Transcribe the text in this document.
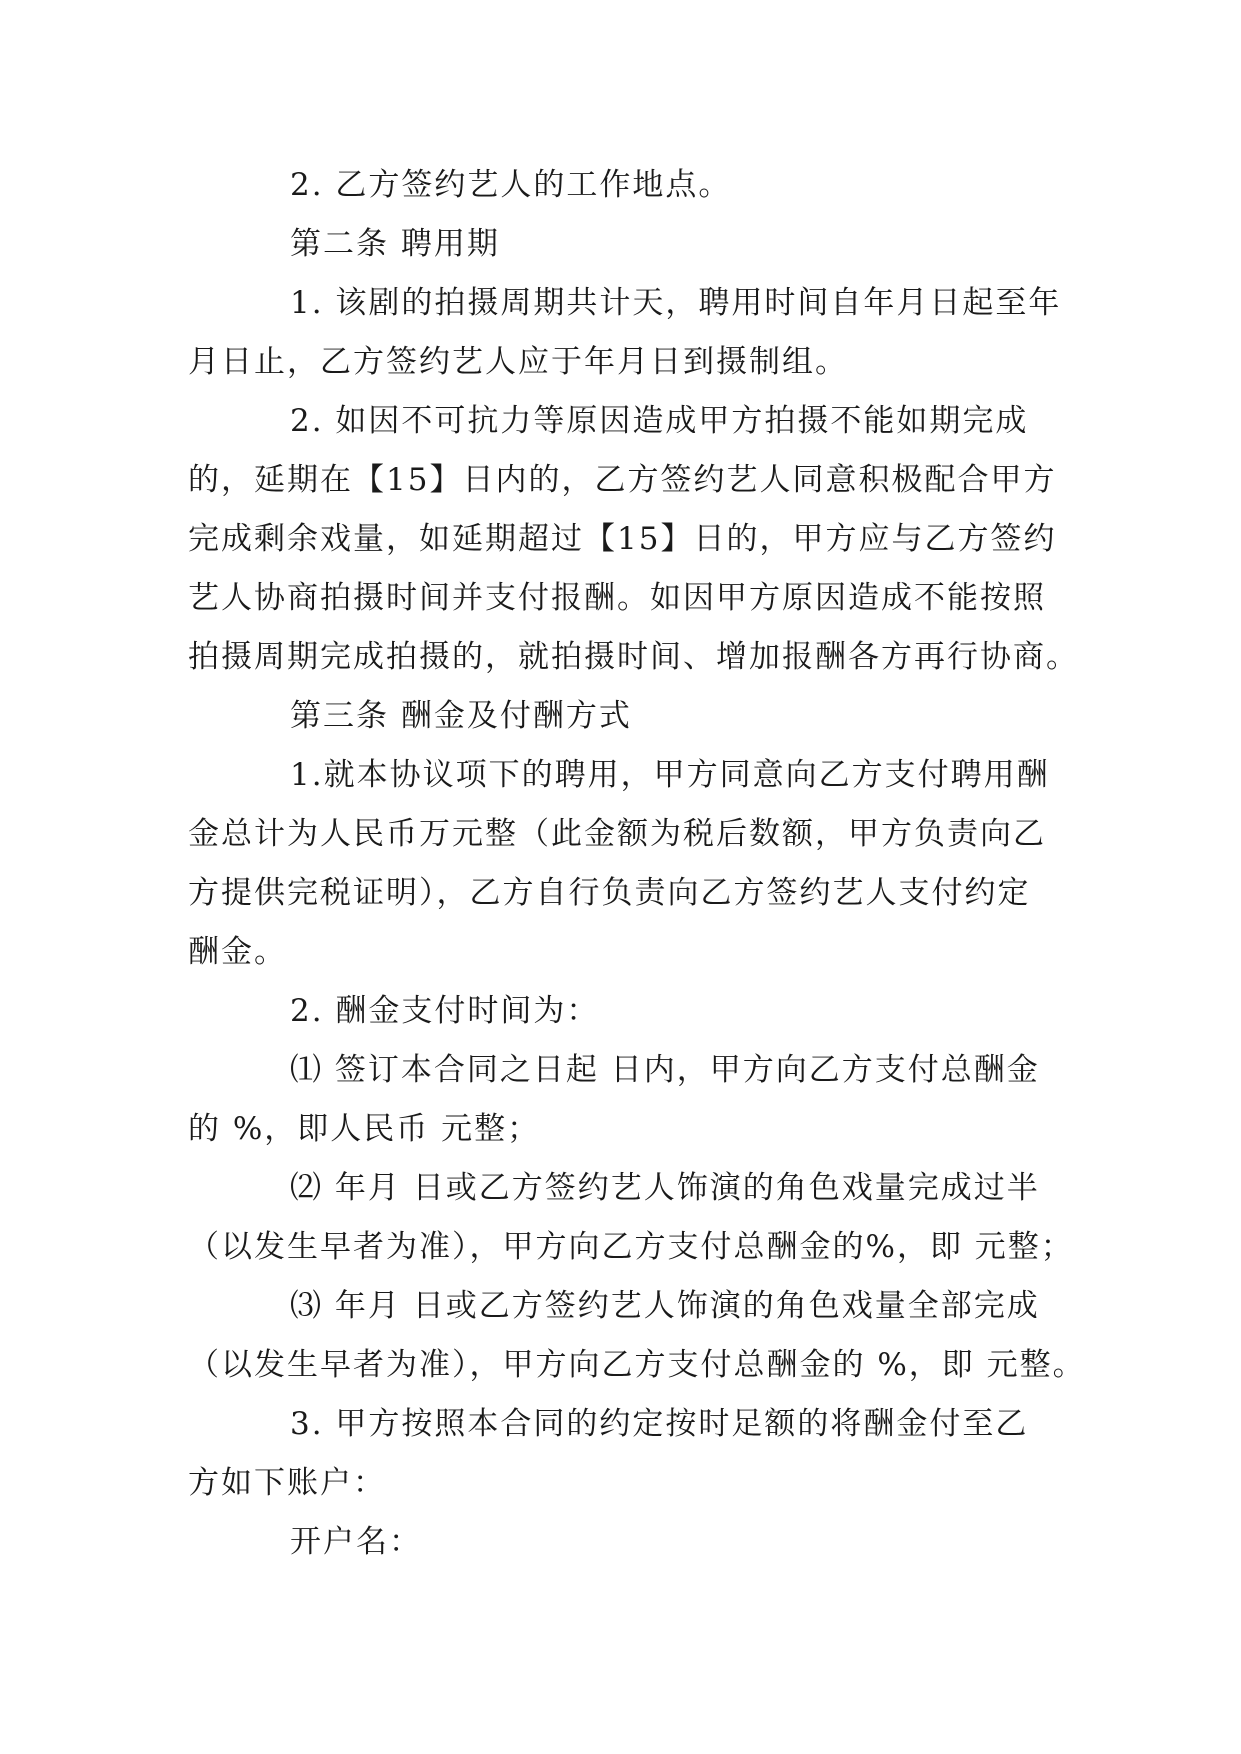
2. 乙方签约艺人的工作地点。

第二条 聘用期

1. 该剧的拍摄周期共计天，聘用时间自年月日起至年

月日止，乙方签约艺人应于年月日到摄制组。

2. 如因不可抗力等原因造成甲方拍摄不能如期完成

的，延期在【15】日内的，乙方签约艺人同意积极配合甲方

完成剩余戏量，如延期超过【15】日的，甲方应与乙方签约

艺人协商拍摄时间并支付报酬。如因甲方原因造成不能按照

拍摄周期完成拍摄的，就拍摄时间、增加报酬各方再行协商。

第三条 酬金及付酬方式

1.就本协议项下的聘用，甲方同意向乙方支付聘用酬

金总计为人民币万元整（此金额为税后数额，甲方负责向乙

方提供完税证明），乙方自行负责向乙方签约艺人支付约定

酬金。

2. 酬金支付时间为：

⑴ 签订本合同之日起 日内，甲方向乙方支付总酬金

的 %，即人民币 元整；

⑵ 年月 日或乙方签约艺人饰演的角色戏量完成过半

（以发生早者为准），甲方向乙方支付总酬金的%，即 元整；

⑶ 年月 日或乙方签约艺人饰演的角色戏量全部完成

（以发生早者为准），甲方向乙方支付总酬金的 %，即 元整。

3. 甲方按照本合同的约定按时足额的将酬金付至乙

方如下账户：

开户名：
